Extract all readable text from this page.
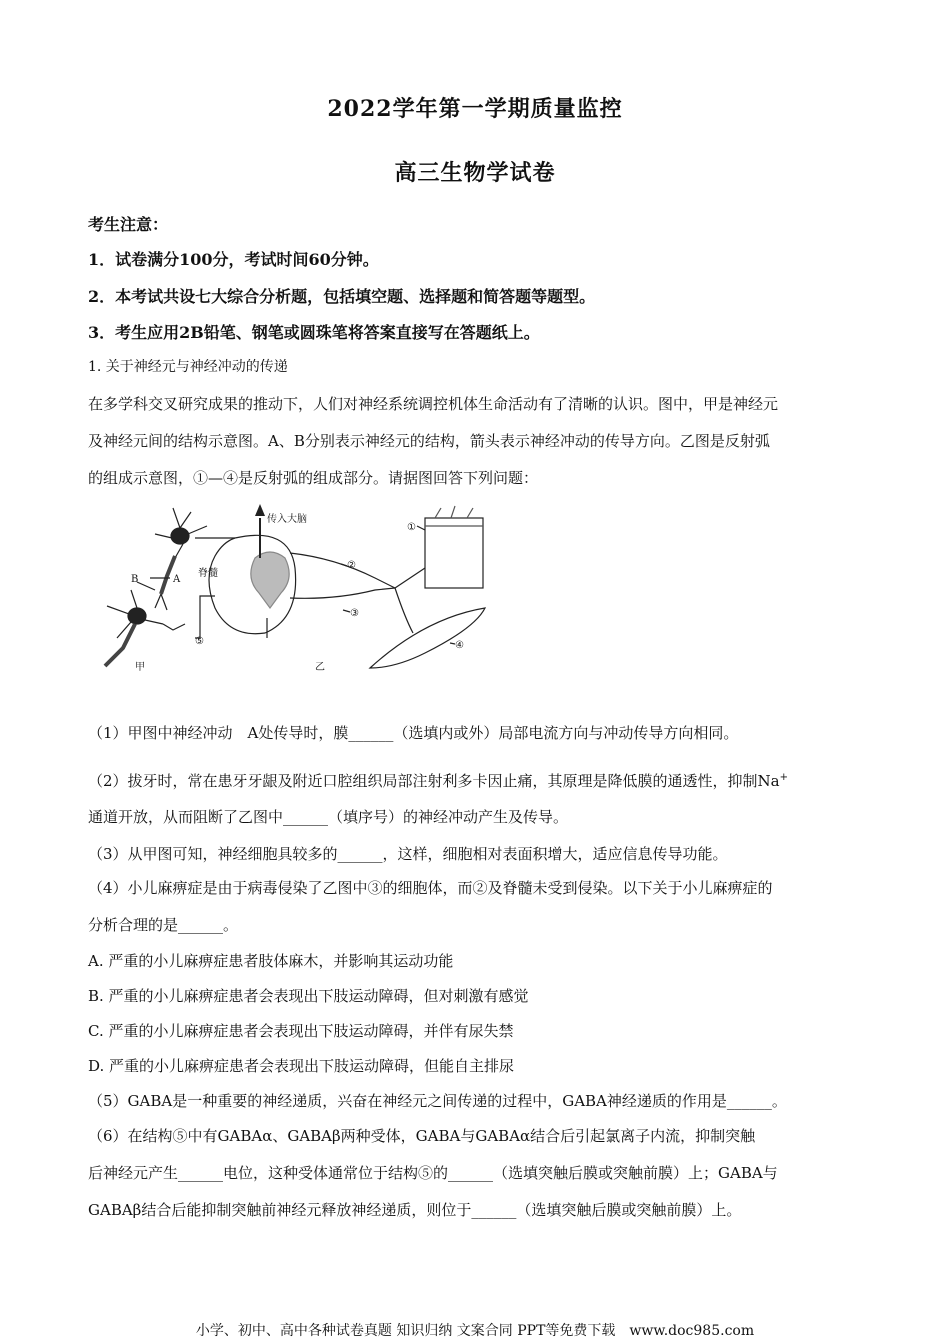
2022学年第一学期质量监控
高三生物学试卷
考生注意：
1．试卷满分100分，考试时间60分钟。
2．本考试共设七大综合分析题，包括填空题、选择题和简答题等题型。
3．考生应用2B铅笔、钢笔或圆珠笔将答案直接写在答题纸上。
1. 关于神经元与神经冲动的传递
在多学科交叉研究成果的推动下，人们对神经系统调控机体生命活动有了清晰的认识。图中，甲是神经元
及神经元间的结构示意图。A、B分别表示神经元的结构，箭头表示神经冲动的传导方向。乙图是反射弧
的组成示意图，①—④是反射弧的组成部分。请据图回答下列问题：
传入大脑
脊髓
A
B
甲	乙
①
②
③
④
⑤
（1）甲图中神经冲动　A处传导时，膜______（选填内或外）局部电流方向与冲动传导方向相同。
（2）拔牙时，常在患牙牙龈及附近口腔组织局部注射利多卡因止痛，其原理是降低膜的通透性，抑制Na+
通道开放，从而阻断了乙图中______（填序号）的神经冲动产生及传导。
（3）从甲图可知，神经细胞具较多的______，这样，细胞相对表面积增大，适应信息传导功能。
（4）小儿麻痹症是由于病毒侵染了乙图中③的细胞体，而②及脊髓未受到侵染。以下关于小儿麻痹症的
分析合理的是______。
A. 严重的小儿麻痹症患者肢体麻木，并影响其运动功能
B. 严重的小儿麻痹症患者会表现出下肢运动障碍，但对刺激有感觉
C. 严重的小儿麻痹症患者会表现出下肢运动障碍，并伴有尿失禁
D. 严重的小儿麻痹症患者会表现出下肢运动障碍，但能自主排尿
（5）GABA是一种重要的神经递质，兴奋在神经元之间传递的过程中，GABA神经递质的作用是______。
（6）在结构⑤中有GABAα、GABAβ两种受体，GABA与GABAα结合后引起氯离子内流，抑制突触
后神经元产生______电位，这种受体通常位于结构⑤的______（选填突触后膜或突触前膜）上；GABA与
GABAβ结合后能抑制突触前神经元释放神经递质，则位于______（选填突触后膜或突触前膜）上。
小学、初中、高中各种试卷真题 知识归纳 文案合同 PPT等免费下载 www.doc985.com
